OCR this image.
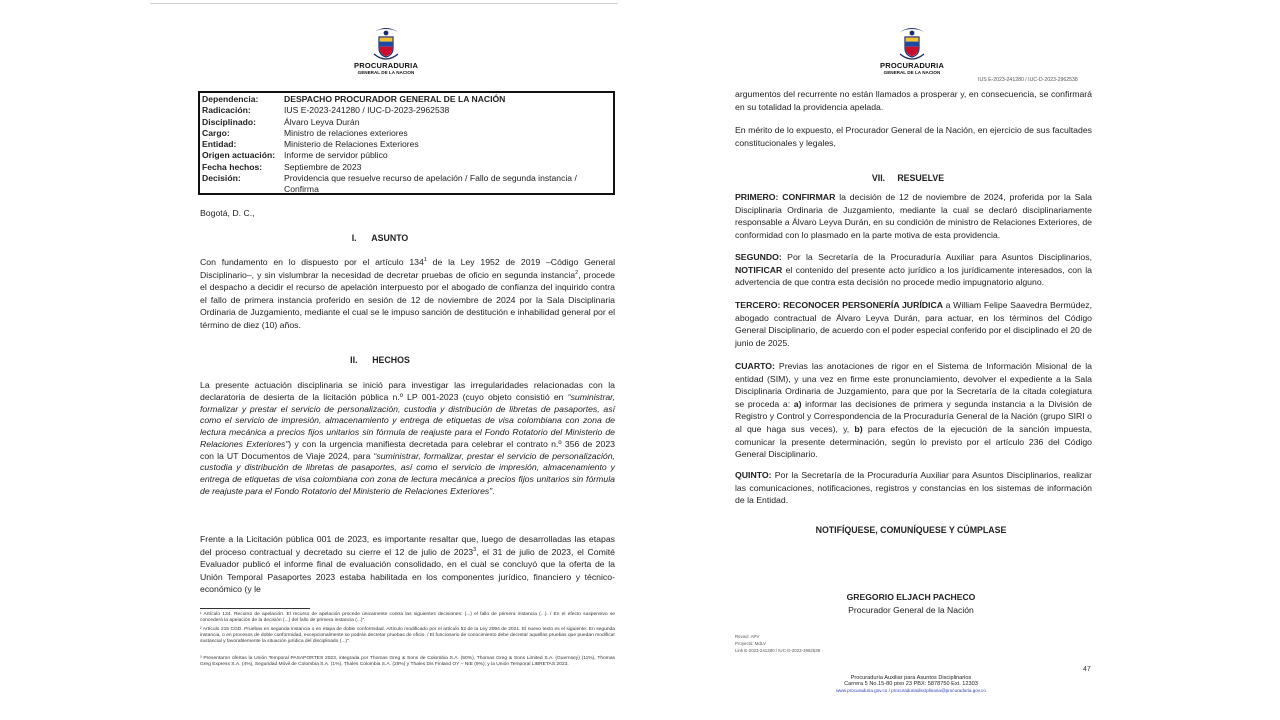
PROCURADURIA
GENERAL DE LA NACION
Dependencia:	DESPACHO PROCURADOR GENERAL DE LA NACIÓN
Radicación:	IUS E-2023-241280 / IUC-D-2023-2962538
Disciplinado:	Álvaro Leyva Durán
Cargo:	Ministro de relaciones exteriores
Entidad:	Ministerio de Relaciones Exteriores
Origen actuación:	Informe de servidor público
Fecha hechos:	Septiembre de 2023
Decisión:	Providencia que resuelve recurso de apelación / Fallo de segunda instancia / Confirma
Bogotá, D. C.,
I. ASUNTO
Con fundamento en lo dispuesto por el artículo $134^1$ de la Ley 1952 de 2019 –Código General Disciplinario–, y sin vislumbrar la necesidad de decretar pruebas de oficio en segunda instancia$^2$, procede el despacho a decidir el recurso de apelación interpuesto por el abogado de confianza del inquirido contra el fallo de primera instancia proferido en sesión de 12 de noviembre de 2024 por la Sala Disciplinaria Ordinaria de Juzgamiento, mediante el cual se le impuso sanción de destitución e inhabilidad general por el término de diez (10) años.
II. HECHOS
La presente actuación disciplinaria se inició para investigar las irregularidades relacionadas con la declaratoria de desierta de la licitación pública n.º LP 001-2023 (cuyo objeto consistió en “suministrar, formalizar y prestar el servicio de personalización, custodia y distribución de libretas de pasaportes, así como el servicio de impresión, almacenamiento y entrega de etiquetas de visa colombiana con zona de lectura mecánica a precios fijos unitarios sin fórmula de reajuste para el Fondo Rotatorio del Ministerio de Relaciones Exteriores”) y con la urgencia manifiesta decretada para celebrar el contrato n.º 356 de 2023 con la UT Documentos de Viaje 2024, para “suministrar, formalizar, prestar el servicio de personalización, custodia y distribución de libretas de pasaportes, así como el servicio de impresión, almacenamiento y entrega de etiquetas de visa colombiana con zona de lectura mecánica a precios fijos unitarios sin fórmula de reajuste para el Fondo Rotatorio del Ministerio de Relaciones Exteriores”.
Frente a la Licitación pública 001 de 2023, es importante resaltar que, luego de desarrolladas las etapas del proceso contractual y decretado su cierre el 12 de julio de 2023$^3$, el 31 de julio de 2023, el Comité Evaluador publicó el informe final de evaluación consolidado, en el cual se concluyó que la oferta de la Unión Temporal Pasaportes 2023 estaba habilitada en los componentes jurídico, financiero y técnico-económico (y le
¹ Artículo 134. Recurso de apelación. El recurso de apelación procede únicamente contra las siguientes decisiones: (...) el fallo de primera instancia (...). / En el efecto suspensivo se concederá la apelación de la decisión (...) del fallo de primera instancia (...)”.
² Artículo 215 CGD. Pruebas en segunda instancia o en etapa de doble conformidad. Artículo modificado por el artículo 52 de la Ley 2094 de 2021. El nuevo texto es el siguiente: En segunda instancia, o en procesos de doble conformidad, excepcionalmente se podrán decretar pruebas de oficio. / El funcionario de conocimiento debe decretar aquellas pruebas que puedan modificar sustancial y favorablemente la situación jurídica del disciplinado (...)”.
³ Presentaron ofertas la Unión Temporal PASAPORTES 2023, integrada por Thomas Greg & Sons de Colombia S.A. (50%), Thomas Greg & Sons Limited S.A. (Guernsey) (11%), Thomas Greg Express S.A. (4%), Seguridad Móvil de Colombia S.A. (1%), Thales Colombia S.A. (25%) y Thales Dis Finland OY – NIE (9%); y la Unión Temporal LIBRETAS 2023.
PROCURADURIA
GENERAL DE LA NACION
IUS E-2023-241280 / IUC-D-2023-2962538
argumentos del recurrente no están llamados a prosperar y, en consecuencia, se confirmará en su totalidad la providencia apelada.
En mérito de lo expuesto, el Procurador General de la Nación, en ejercicio de sus facultades constitucionales y legales,
VII. RESUELVE
PRIMERO: CONFIRMAR la decisión de 12 de noviembre de 2024, proferida por la Sala Disciplinaria Ordinaria de Juzgamiento, mediante la cual se declaró disciplinariamente responsable a Álvaro Leyva Durán, en su condición de ministro de Relaciones Exteriores, de conformidad con lo plasmado en la parte motiva de esta providencia.
SEGUNDO: Por la Secretaría de la Procuraduría Auxiliar para Asuntos Disciplinarios, NOTIFICAR el contenido del presente acto jurídico a los jurídicamente interesados, con la advertencia de que contra esta decisión no procede medio impugnatorio alguno.
TERCERO: RECONOCER PERSONERÍA JURÍDICA a William Felipe Saavedra Bermúdez, abogado contractual de Álvaro Leyva Durán, para actuar, en los términos del Código General Disciplinario, de acuerdo con el poder especial conferido por el disciplinado el 20 de junio de 2025.
CUARTO: Previas las anotaciones de rigor en el Sistema de Información Misional de la entidad (SIM), y una vez en firme este pronunciamiento, devolver el expediente a la Sala Disciplinaria Ordinaria de Juzgamiento, para que por la Secretaría de la citada colegiatura se proceda a: a) informar las decisiones de primera y segunda instancia a la División de Registro y Control y Correspondencia de la Procuraduría General de la Nación (grupo SIRI o al que haga sus veces), y, b) para efectos de la ejecución de la sanción impuesta, comunicar la presente determinación, según lo previsto por el artículo 236 del Código General Disciplinario.
QUINTO: Por la Secretaría de la Procuraduría Auxiliar para Asuntos Disciplinarios, realizar las comunicaciones, notificaciones, registros y constancias en los sistemas de información de la Entidad.
NOTIFÍQUESE, COMUNÍQUESE Y CÚMPLASE
GREGORIO ELJACH PACHECO
Procurador General de la Nación
Revisó: APV
Proyectó: MdLV
Link E-2023-241280 / IUC-D-2023-2962538
47
Procuraduría Auxiliar para Asuntos Disciplinarios
Carrera 5 No.15-80 piso 23 PBX: 5878750 Ext. 12303
www.procuraduria.gov.co / procuraduriadisciplinaria@procuraduria.gov.co
